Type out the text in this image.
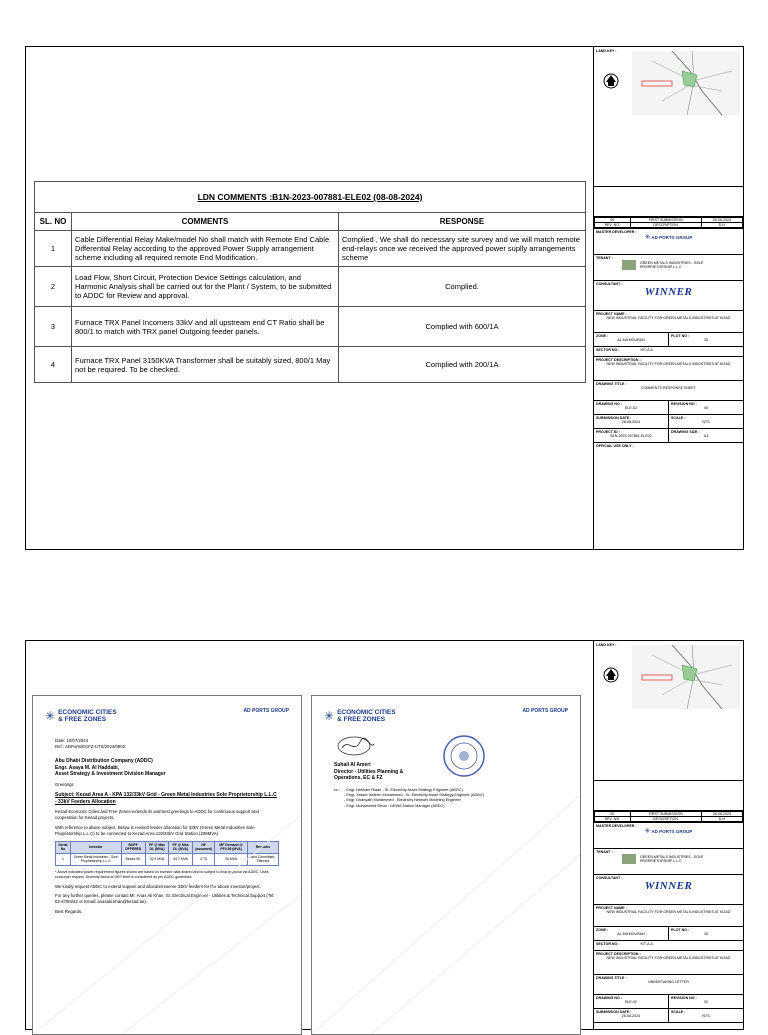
LDN COMMENTS :B1N-2023-007881-ELE02 (08-08-2024)		
SL. NO	COMMENTS	RESPONSE
1	Cable Differential Relay Make/model No shall match with Remote End Cable Differential Relay according to the approved Power Supply arrangement scheme including all required remote End Modification.	Complied , We shall do necessary site survey and we will match remote end-relays once we received the approved power suplly arrangements scheme
2	Load Flow, Short Circuit, Protection Device Settings calculation, and Harmonic Analysis shall be carried out for the Plant / System, to be submitted to ADDC for Review and approval.	Complied.
3	Furnace TRX Panel Incomers 33kV and all upstream end CT Ratio shall be 800/1 to match with TRX panel Outgoing feeder panels.	Complied with 600/1A
4	Furnace TRX Panel 3150KVA Transformer shall be suitably sized, 800/1 May not be required. To be checked.	Complied with 200/1A
LAND KEY :
00	FIRST SUBMISSION	28-08-2024
REV. NO.	DESCRIPTION	D.H
MASTER DEVELOPER :
✳ AD PORTS GROUP
TENANT :
GREEN METALS INDUSTRIES - SOLE PROPRIETORSHIP L.L.C
CONSULTANT :
WINNER
PROJECT NAME :
NEW INDUSTRIAL FACILITY FOR GREEN METALS INDUSTRIES AT KIZAD
ZONE :
AL MA'MOURAH
PLOT NO :
35
SECTOR NO :	KIT-A-5
PROJECT DESCRIPTION :
NEW INDUSTRIAL FACILITY FOR GREEN METALS INDUSTRIES AT KIZAD
DRAWING TITLE :
COMMENTS RESPONSE SHEET
DRAWING NO :
ELE-02
REVISION NO :
00
SUBMISSION DATE :
28-08-2024
SCALE :
NTS
PROJECT ID :
B1N-2023-007881-ELE02
DRAWING SIZE :
A3
OFFICIAL USE ONLY :
✳ ECONOMIC CITIES & FREE ZONES
AD PORTS GROUP

Date: 10/07/2024
Ref : ADPorts/ECFZ-UTS/2024/0802

Abu Dhabi Distribution Company (ADDC)
Engr. Asaya M. Al Haddabi,
Asset Strategy & Investment Division Manager

Greetings

Subject: Kezad Area A - KPA 132/33kV Grid - Green Metal Industries Sole Proprietorship L.L.C - 33kV Feeders Allocation

Kezad Economic Cities and Free Zones extends its warmest greetings to ADDC for continuous support and cooperation for Kezad projects.

With reference to above subject, Below is revised feeder allocation for 33kV (Green Metal Industries Sole Proprietorship L.L.C) to be connected to Kezad Area 132/33kV Grid Station (200MVA).

Serial No	Investor	BUPF OFFERED	PF @ Max DL (MVA)	PF @ Max DL (MVA)	NF (assumed)	MF Demand @ PF0.95 (MVA)	Remarks
1	Green Metal Industries - Sole Proprietorship L.L.C	Kezad SE	32.9 MVA	34.7 MVA	0.75	26 MVA	Land Committed - Planned

* Above indicated power requirement figures shown are based on investor data shared and is subject to final approval via ADDC. Uses consumer request. Diversity factor at DEF level is considered as per ADDC guidelines.

We kindly request ADDC to extend support and allocate/reserve 33kV feeders for the above investor/project.

For any further queries, please contact Mr. Anas Ali Khan, Sr. Electrical Engineer - Utilities & Technical Support (Tel: 02-6750222 or Email: anasaki.khan@kezad.ae).

Best Regards,

✳ ECONOMIC CITIES & FREE ZONES
AD PORTS GROUP

Suhail Al Ameri
Director - Utilities Planning &
Operations, EC & FZ

cc :	- Engr. Hesham Riaan - Sr. Electricity Asset Strategy Engineer (ADDC)
- Engr. Yasser Ibrahim Mohammed - Sr. Electricity Asset Strategy Engineer (ADDC)
- Engr. Dhanyath Mohammed - Electricity Network Modeling Engineer
- Engr. Mohammed Omar - DEWA Station Manager (ADDC)
LAND KEY :
00	FIRST SUBMISSION	28-08-2024
REV. NO.	DESCRIPTION	D.H
MASTER DEVELOPER :
✳ AD PORTS GROUP
TENANT :
GREEN METALS INDUSTRIES - SOLE PROPRIETORSHIP L.L.C
CONSULTANT :
WINNER
PROJECT NAME :
NEW INDUSTRIAL FACILITY FOR GREEN METALS INDUSTRIES AT KIZAD
ZONE :
AL MA'MOURAH
PLOT NO :
35
SECTOR NO :	KIT-A-5
PROJECT DESCRIPTION :
NEW INDUSTRIAL FACILITY FOR GREEN METALS INDUSTRIES AT KIZAD
DRAWING TITLE :
UNDERTAKING LETTER
DRAWING NO :
ELE-02
REVISION NO :
00
SUBMISSION DATE :
28-08-2024
SCALE :
NTS
